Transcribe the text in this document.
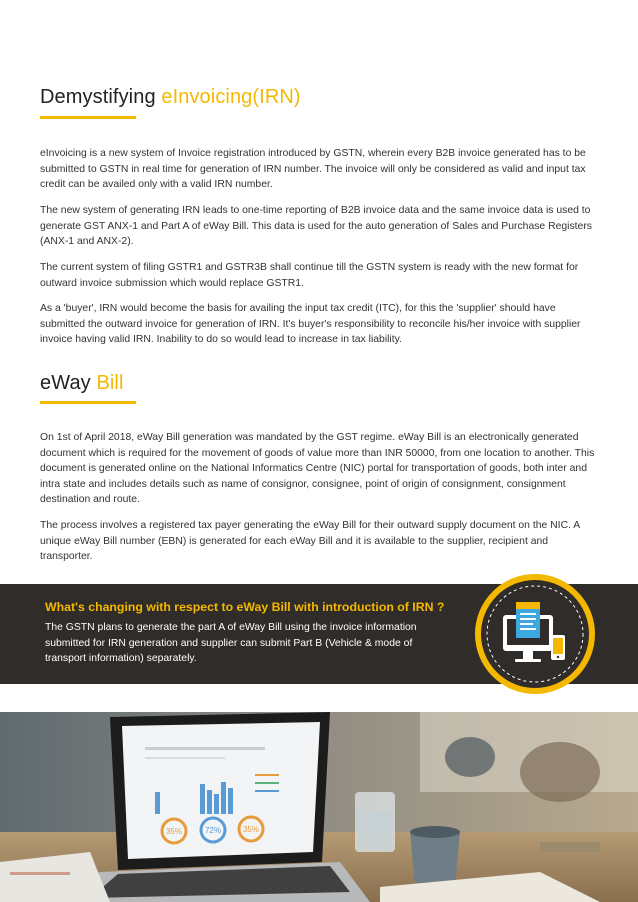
Demystifying eInvoicing(IRN)

eInvoicing is a new system of Invoice registration introduced by GSTN, wherein every B2B invoice generated has to be submitted to GSTN in real time for generation of IRN number. The invoice will only be considered as valid and input tax credit can be availed only with a valid IRN number.

The new system of generating IRN leads to one-time reporting of B2B invoice data and the same invoice data is used to generate GST ANX-1 and Part A of eWay Bill. This data is used for the auto generation of Sales and Purchase Registers (ANX-1 and ANX-2).

The current system of filing GSTR1 and GSTR3B shall continue till the GSTN system is ready with the new format for outward invoice submission which would replace GSTR1.

As a 'buyer', IRN would become the basis for availing the input tax credit (ITC), for this the 'supplier' should have submitted the outward invoice for generation of IRN. It's buyer's responsibility to reconcile his/her invoice with supplier invoice having valid IRN. Inability to do so would lead to increase in tax liability.

eWay Bill

On 1st of April 2018, eWay Bill generation was mandated by the GST regime. eWay Bill is an electronically generated document which is required for the movement of goods of value more than INR 50000, from one location to another. This document is generated online on the National Informatics Centre (NIC) portal for transportation of goods, both inter and intra state and includes details such as name of consignor, consignee, point of origin of consignment, consignment destination and route.

The process involves a registered tax payer generating the eWay Bill for their outward supply document on the NIC. A unique eWay Bill number (EBN) is generated for each eWay Bill and it is available to the supplier, recipient and transporter.

What's changing with respect to eWay Bill with introduction of IRN ?

The GSTN plans to generate the part A of eWay Bill using the invoice information submitted for IRN generation and supplier can submit Part B (Vehicle & mode of transport information) separately.

35%	72%	35%
